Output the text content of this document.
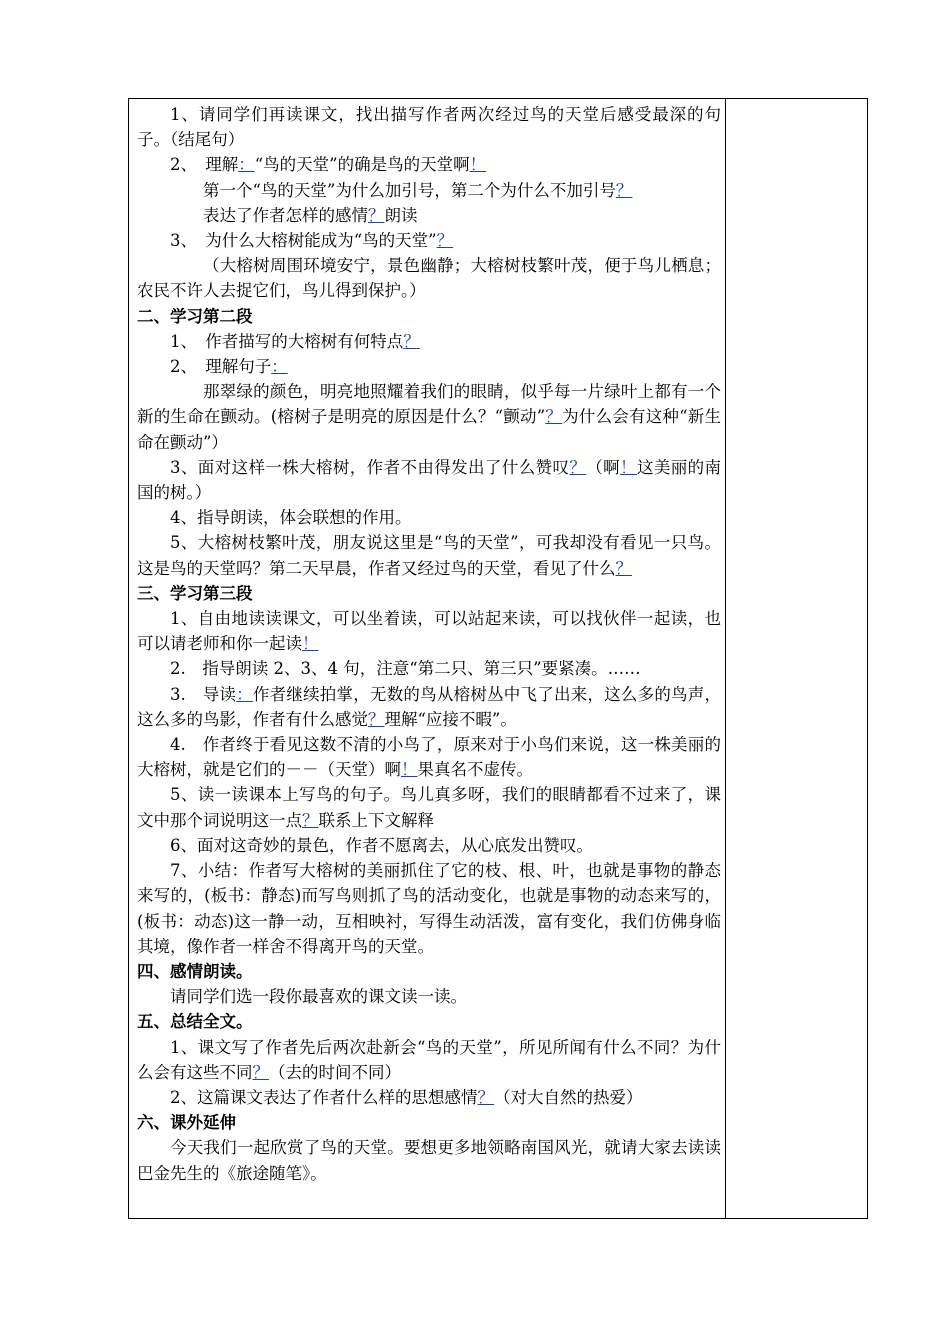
1、请同学们再读课文，找出描写作者两次经过鸟的天堂后感受最深的句子。（结尾句）

2、　理解：“鸟的天堂”的确是鸟的天堂啊！

第一个“鸟的天堂”为什么加引号，第二个为什么不加引号？

表达了作者怎样的感情？朗读

3、　为什么大榕树能成为“鸟的天堂”？

（大榕树周围环境安宁，景色幽静；大榕树枝繁叶茂，便于鸟儿栖息；农民不许人去捉它们，鸟儿得到保护。）

二、学习第二段

1、　作者描写的大榕树有何特点？

2、　理解句子：

那翠绿的颜色，明亮地照耀着我们的眼睛，似乎每一片绿叶上都有一个新的生命在颤动。(榕树子是明亮的原因是什么？“颤动”？为什么会有这种“新生命在颤动”）

3、面对这样一株大榕树，作者不由得发出了什么赞叹？（啊！这美丽的南国的树。）

4、指导朗读，体会联想的作用。

5、大榕树枝繁叶茂，朋友说这里是“鸟的天堂”，可我却没有看见一只鸟。这是鸟的天堂吗？第二天早晨，作者又经过鸟的天堂，看见了什么？

三、学习第三段

1、自由地读读课文，可以坐着读，可以站起来读，可以找伙伴一起读，也可以请老师和你一起读！

2.　指导朗读 2、3、4 句，注意“第二只、第三只”要紧凑。……

3.　导读：作者继续拍掌，无数的鸟从榕树丛中飞了出来，这么多的鸟声，这么多的鸟影，作者有什么感觉？理解“应接不暇”。

4.　作者终于看见这数不清的小鸟了，原来对于小鸟们来说，这一株美丽的大榕树，就是它们的－－（天堂）啊！果真名不虚传。

5、读一读课本上写鸟的句子。鸟儿真多呀，我们的眼睛都看不过来了，课文中那个词说明这一点？联系上下文解释

6、面对这奇妙的景色，作者不愿离去，从心底发出赞叹。

7、小结：作者写大榕树的美丽抓住了它的枝、根、叶，也就是事物的静态来写的，(板书：静态)而写鸟则抓了鸟的活动变化，也就是事物的动态来写的，(板书：动态)这一静一动，互相映衬，写得生动活泼，富有变化，我们仿佛身临其境，像作者一样舍不得离开鸟的天堂。

四、感情朗读。

请同学们选一段你最喜欢的课文读一读。

五、总结全文。

1、课文写了作者先后两次赴新会“鸟的天堂”，所见所闻有什么不同？为什么会有这些不同？（去的时间不同）

2、这篇课文表达了作者什么样的思想感情？（对大自然的热爱）

六、课外延伸

今天我们一起欣赏了鸟的天堂。要想更多地领略南国风光，就请大家去读读巴金先生的《旅途随笔》。
